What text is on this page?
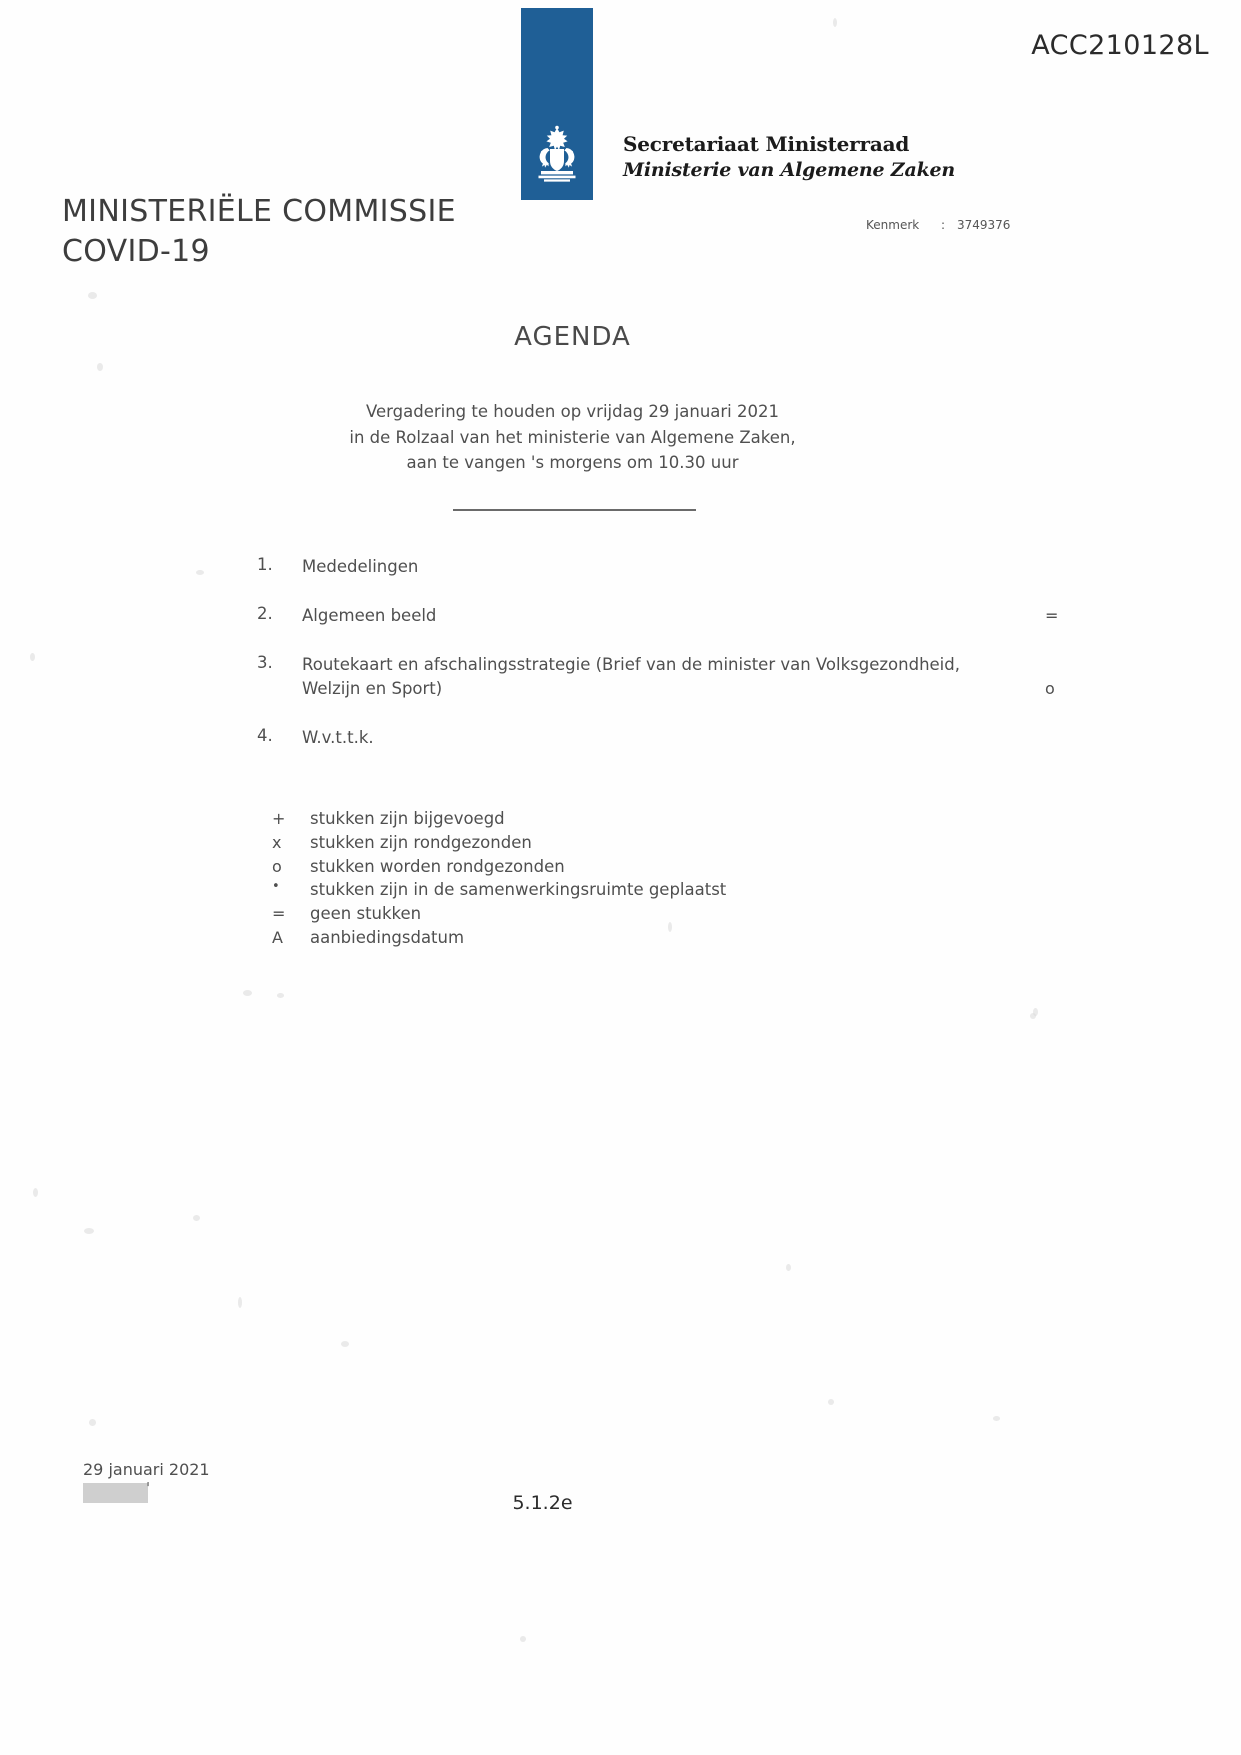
Secretariaat Ministerraad
Ministerie van Algemene Zaken
ACC210128L
Kenmerk : 3749376
MINISTERIËLE COMMISSIE
COVID-19
AGENDA
Vergadering te houden op vrijdag 29 januari 2021
in de Rolzaal van het ministerie van Algemene Zaken,
aan te vangen 's morgens om 10.30 uur
1.	Mededelingen
2.	Algemeen beeld	=
3.	Routekaart en afschalingsstrategie (Brief van de minister van Volksgezondheid, Welzijn en Sport)	o
4.	W.v.t.t.k.
+	stukken zijn bijgevoegd
x	stukken zijn rondgezonden
o	stukken worden rondgezonden
•	stukken zijn in de samenwerkingsruimte geplaatst
=	geen stukken
A	aanbiedingsdatum
29 januari 2021
'
5.1.2e
